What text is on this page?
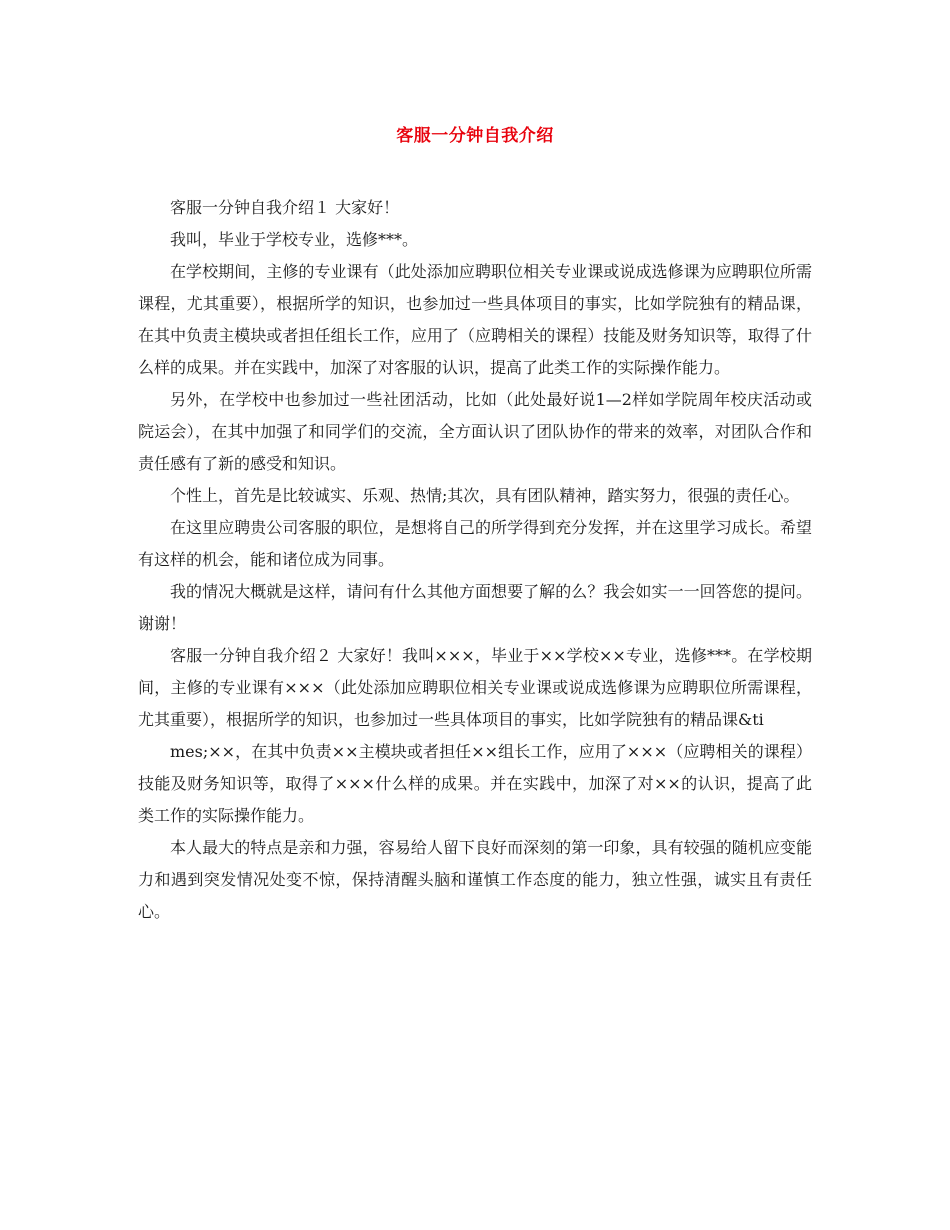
客服一分钟自我介绍

客服一分钟自我介绍１ 大家好！

我叫，毕业于学校专业，选修***。

在学校期间，主修的专业课有（此处添加应聘职位相关专业课或说成选修课为应聘职位所需课程，尤其重要），根据所学的知识，也参加过一些具体项目的事实，比如学院独有的精品课，在其中负责主模块或者担任组长工作，应用了（应聘相关的课程）技能及财务知识等，取得了什么样的成果。并在实践中，加深了对客服的认识，提高了此类工作的实际操作能力。

另外，在学校中也参加过一些社团活动，比如（此处最好说1—2样如学院周年校庆活动或院运会），在其中加强了和同学们的交流，全方面认识了团队协作的带来的效率，对团队合作和责任感有了新的感受和知识。

个性上，首先是比较诚实、乐观、热情;其次，具有团队精神，踏实努力，很强的责任心。

在这里应聘贵公司客服的职位，是想将自己的所学得到充分发挥，并在这里学习成长。希望有这样的机会，能和诸位成为同事。

我的情况大概就是这样，请问有什么其他方面想要了解的么？我会如实一一回答您的提问。谢谢！

客服一分钟自我介绍２ 大家好！我叫×××，毕业于××学校××专业，选修***。在学校期间，主修的专业课有×××（此处添加应聘职位相关专业课或说成选修课为应聘职位所需课程，尤其重要），根据所学的知识，也参加过一些具体项目的事实，比如学院独有的精品课&ti

mes;××，在其中负责××主模块或者担任××组长工作，应用了×××（应聘相关的课程）技能及财务知识等，取得了×××什么样的成果。并在实践中，加深了对××的认识，提高了此类工作的实际操作能力。

本人最大的特点是亲和力强，容易给人留下良好而深刻的第一印象，具有较强的随机应变能力和遇到突发情况处变不惊，保持清醒头脑和谨慎工作态度的能力，独立性强，诚实且有责任心。
